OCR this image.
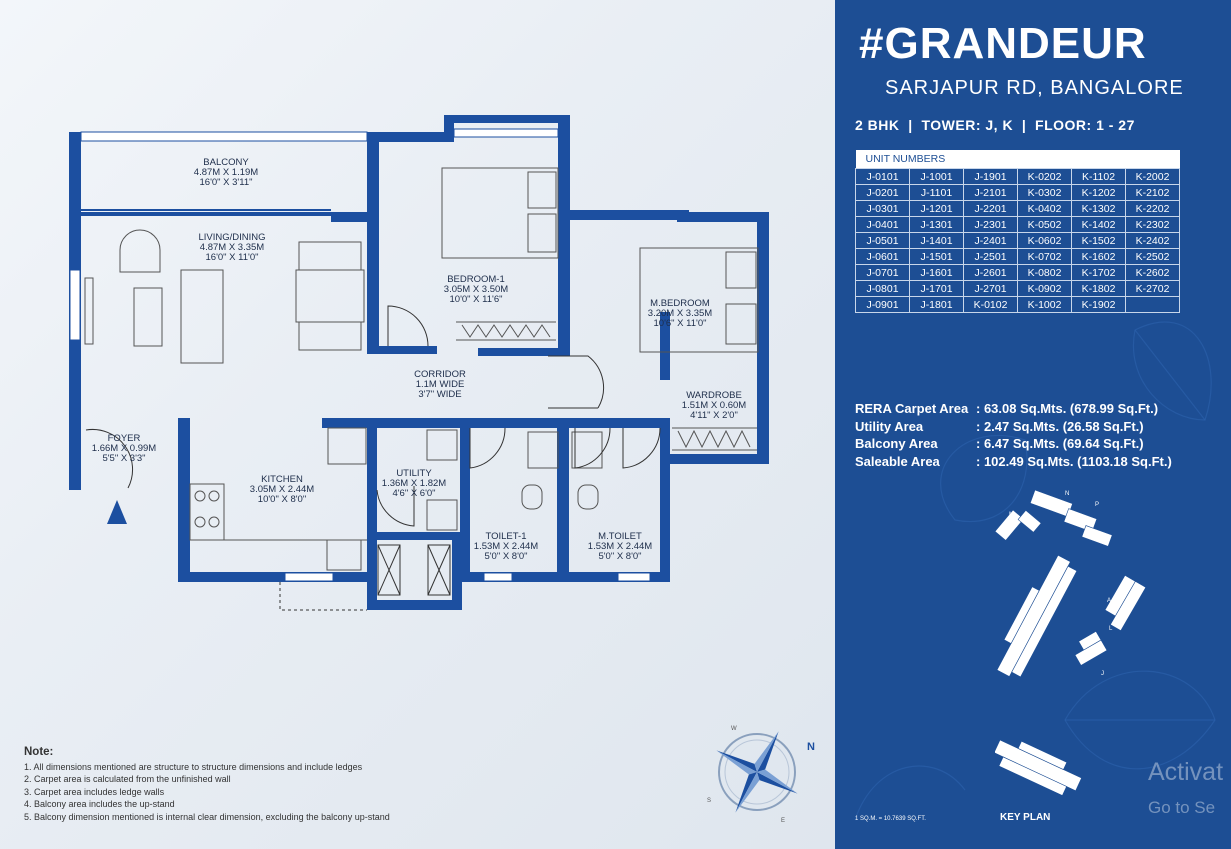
BALCONY 4.87M X 1.19M 16'0" X 3'11"
LIVING/DINING 4.87M X 3.35M 16'0" X 11'0"
BEDROOM-1 3.05M X 3.50M 10'0" X 11'6"	M.BEDROOM 3.20M X 3.35M 10'6" X 11'0"
CORRIDOR 1.1M WIDE 3'7" WIDE	WARDROBE 1.51M X 0.60M 4'11" X 2'0"
FOYER 1.66M X 0.99M 5'5" X 3'3"
KITCHEN 3.05M X 2.44M 10'0" X 8'0"
UTILITY 1.36M X 1.82M 4'6" X 6'0"
TOILET-1 1.53M X 2.44M 5'0" X 8'0"
M.TOILET 1.53M X 2.44M 5'0" X 8'0"
N
W
S
E
Note:
1. All dimensions mentioned are structure to structure dimensions and include ledges
2. Carpet area is calculated from the unfinished wall
3. Carpet area includes ledge walls
4. Balcony area includes the up-stand
5. Balcony dimension mentioned is internal clear dimension, excluding the balcony up-stand
#GRANDEUR
SARJAPUR RD, BANGALORE
2 BHK  |  TOWER: J, K  |  FLOOR: 1 - 27
UNIT NUMBERS					
J-0101	J-1001	J-1901	K-0202	K-1102	K-2002
J-0201	J-1101	J-2101	K-0302	K-1202	K-2102
J-0301	J-1201	J-2201	K-0402	K-1302	K-2202
J-0401	J-1301	J-2301	K-0502	K-1402	K-2302
J-0501	J-1401	J-2401	K-0602	K-1502	K-2402
J-0601	J-1501	J-2501	K-0702	K-1602	K-2502
J-0701	J-1601	J-2601	K-0802	K-1702	K-2602
J-0801	J-1701	J-2701	K-0902	K-1802	K-2702
J-0901	J-1801	K-0102	K-1002	K-1902	
RERA Carpet Area : 63.08 Sq.Mts. (678.99 Sq.Ft.)
Utility Area	: 2.47 Sq.Mts. (26.58 Sq.Ft.)
Balcony Area	: 6.47 Sq.Mts. (69.64 Sq.Ft.)
Saleable Area	: 102.49 Sq.Mts. (1103.18 Sq.Ft.)
N
M
P
A
J
K
L
1 SQ.M. = 10.7639 SQ.FT.	KEY PLAN
Activat
Go to Se
